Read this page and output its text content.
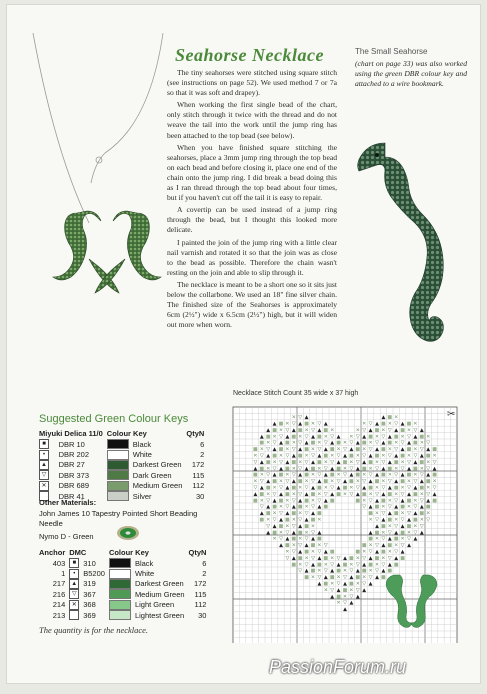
Seahorse Necklace

The tiny seahorses were stitched using square stitch (see instructions on page 52). We used method 7 or 7a so that it was soft and drapey).

When working the first single bead of the chart, only stitch through it twice with the thread and do not weave the tail into the work until the jump ring has been attached to the top bead (see below).

When you have finished square stitching the seahorses, place a 3mm jump ring through the top bead on each bead and before closing it, place one end of the chain onto the jump ring. I did break a bead doing this as I ran thread through the top bead about four times, but if you haven't cut off the tail it is easy to repair.

A covertip can be used instead of a jump ring through the bead, but I thought this looked more delicate.

I painted the join of the jump ring with a little clear nail varnish and rotated it so that the join was as close to the bead as possible. Therefore the chain wasn't resting on the join and able to slip through it.

The necklace is meant to be a short one so it sits just below the collarbone. We used an 18" fine silver chain. The finished size of the Seahorses is approximately 6cm (2½") wide x 6.5cm (2½") high, but it will widen out more when worn.

The Small Seahorse
(chart on page 33) was also worked using the green DBR colour key and attached to a wire bookmark.
Suggested Green Colour Keys
Miyuki Delica 11/0		Colour Key		QtyN
■	DBR 10		Black	6
•	DBR 202		White	2
▲	DBR 27		Darkest Green	172
▽	DBR 373		Dark Green	115
✕	DBR 689		Medium Green	112
	DBR 41		Silver	30
Other Materials:
John James 10 Tapestry Pointed Short Beading Needle
Nymo D - Green
Anchor	DMC		Colour Key		QtyN
403	■	310		Black	6
1	•	B5200		White	2
217	▲	319		Darkest Green	172
216	▽	367		Medium Green	115
214	✕	368		Light Green	112
213		369		Lightest Green	30
The quantity is for the necklace.
Necklace Stitch Count 35 wide x 37 high
✕ ▽ ▲	▲ ■ ✕
▲ ■ ✕ ▽ ▲ ■ ✕ ▽ ▲	✕ ▽ ▲ ■ ✕ ▽ ▲ ■ ✕
▲ ■ ✕ ▽ ▲ ■ ✕ ▽ ▲ ■ ✕	✕ ▽ ▲ ■ ✕ ▽ ▲ ■ ✕ ▽ ▲
▲ ■ ✕ ▽ ▲ ■ ✕ ▽ ▲ ■ ✕ ▽ ▲ ✕ ▽ ▲ ■ ✕ ▽ ▲ ■ ✕ ▽ ▲ ■ ✕
■ ✕ ▽ ▲ ■ ✕ ▽ ▲ ■ ✕ ▽ ▲ ■ ✕ ▽ ▲ ■ ✕ ▽ ▲ ■ ✕ ▽ ▲ ■ ✕ ▽
■ ✕ ▽ ▲ ■ ✕ ▽ ▲ ■ ✕ ▽ ▲ ■ ✕ ▽ ▲ ■ ✕ ▽ ▲ ■ ✕ ▽ ▲ ■ ✕ ▽ ▲ ■
✕ ▽ ▲ ■ ✕ ▽ ▲ ■ ✕ ▽ ▲ ■ ✕ ▽ ▲ ■ ✕ ▽ ▲ ■ ✕ ▽ ▲ ■ ✕ ▽ ▲ ■ ✕
▽ ▲ ■ ✕ ▽ ▲ ■ ✕ ▽ ▲ ■ ✕ ▽ ▲ ■ ✕ ▽ ▲ ■ ✕ ▽ ▲ ■ ✕ ▽ ▲ ■ ✕ ▽
▲ ■ ✕ ▽ ▲ ■ ✕ ▽ ▲ ■ ✕ ▽ ▲ ■ ✕ ▽ ▲ ■ ✕ ▽ ▲ ■ ✕ ▽ ▲ ■ ✕ ▽ ▲
■ ✕ ▽ ▲ ■ ✕ ▽ ▲ ■ ✕ ▽ ▲ ■ ✕ ▽ ▲ ■ ✕ ▽ ▲ ■ ✕ ▽ ▲ ■ ✕ ▽ ▲ ■
✕ ▽ ▲ ■ ✕ ▽ ▲ ■ ✕ ▽ ▲ ■ ✕ ▽ ▲ ■ ✕ ▽ ▲ ■ ✕ ▽ ▲ ■ ✕ ▽ ▲ ■ ✕
▽ ▲ ■ ✕ ▽ ▲ ■ ✕ ▽ ▲ ■ ✕ ▽ ▲ ■ ✕ ▽ ▲ ■ ✕ ▽ ▲ ■ ✕ ▽ ▲ ■ ✕ ▽
▲ ■ ✕ ▽ ▲ ■ ✕ ▽ ▲ ■ ✕ ▽ ▲ ■ ✕ ▽ ▲ ■ ✕ ▽ ▲ ■ ✕ ▽ ▲ ■ ✕ ▽ ▲
■ ✕ ▽ ▲ ■ ✕ ▽ ▲ ■ ✕ ▽ ▲ ■	■ ✕ ▽ ▲ ■ ✕ ▽ ▲ ■ ✕ ▽ ▲ ■
▽ ▲ ■ ✕ ▽ ▲ ■ ✕ ▽ ▲ ■	▽ ▲ ■ ✕ ▽ ▲ ■ ✕ ▽ ▲ ■
▲ ■ ✕ ▽ ▲ ■ ✕ ▽ ▲ ■	■ ✕ ▽ ▲ ■ ✕ ▽ ▲ ■ ✕
■ ✕ ▽ ▲ ■ ✕ ▽ ▲ ■ ✕	✕ ▽ ▲ ■ ✕ ▽ ▲ ■ ✕ ▽
▽ ▲ ■ ✕ ▽ ▲ ■ ✕	▲ ■ ✕ ▽ ▲ ■ ✕ ▽
▲ ■ ✕ ▽ ▲ ■ ✕ ▽ ▲	▲ ■ ✕ ▽ ▲ ■ ✕ ▽ ▲
✕ ▽ ▲ ■ ✕ ▽ ▲ ■	■ ✕ ▽ ▲ ■ ✕ ▽ ▲
▲ ■ ✕ ▽ ▲ ■ ✕ ▽	■ ✕ ▽ ▲ ■ ✕ ▽ ▲
✕ ▽ ▲ ■ ✕ ▽ ▲ ■	■ ✕ ▽ ▲ ■ ✕ ▽ ▲
▽ ▲ ■ ✕ ▽ ▲ ■ ✕ ▽ ▲ ■ ✕ ▽ ▲ ■ ✕ ▽ ▲ ■
■ ✕ ▽ ▲ ■ ✕ ▽ ▲ ■ ✕ ▽ ▲ ■ ✕ ▽ ▲ ■
▽ ▲ ■ ✕ ▽ ▲ ■ ✕ ▽ ▲ ■ ✕ ▽ ▲ ■
■ ✕ ▽ ▲ ■ ✕ ▽ ▲ ■ ✕ ▽ ▲ ■
▲ ■ ✕ ▽ ▲ ■ ✕ ▽ ▲
✕ ▽ ▲ ■ ✕ ▽ ▲
▲ ■ ✕ ▽ ▲
✕ ▽ ▲
▲
✂
PassionForum.ru
